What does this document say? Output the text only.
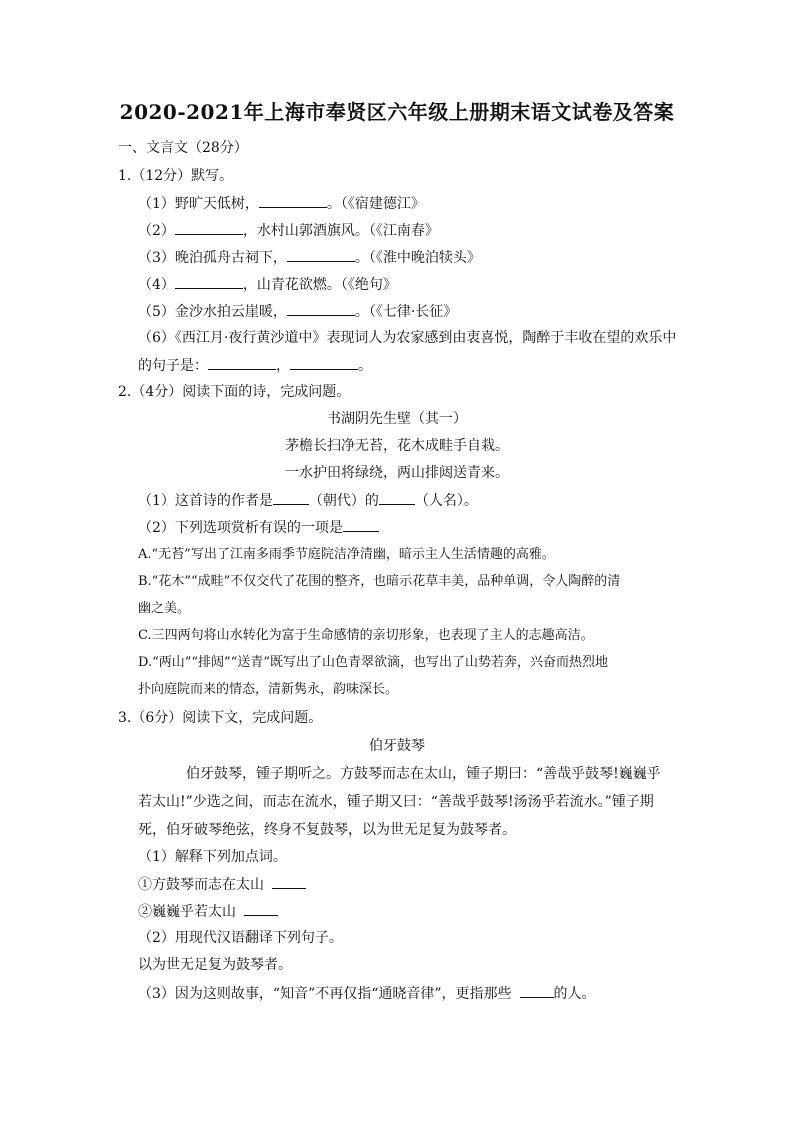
2020-2021年上海市奉贤区六年级上册期末语文试卷及答案
一、文言文（28分）
1.（12分）默写。
（1）野旷天低树，	。（《宿建德江》
（2）	，水村山郭酒旗风。（《江南春》
（3）晚泊孤舟古祠下，	。（《淮中晚泊犊头》
（4）	，山青花欲燃。（《绝句》
（5）金沙水拍云崖暖，	。（《七律·长征》
（6）《西江月·夜行黄沙道中》表现词人为农家感到由衷喜悦，陶醉于丰收在望的欢乐中
的句子是：	，	。
2.（4分）阅读下面的诗，完成问题。
书湖阴先生壁（其一）
茅檐长扫净无苔，花木成畦手自栽。
一水护田将绿绕，两山排闼送青来。
（1）这首诗的作者是	（朝代）的	（人名）。
（2）下列选项赏析有误的一项是
A.“无苔”写出了江南多雨季节庭院洁净清幽，暗示主人生活情趣的高雅。
B.“花木”“成畦”不仅交代了花围的整齐，也暗示花草丰美，品种单调，令人陶醉的清
幽之美。
C.三四两句将山水转化为富于生命感情的亲切形象，也表现了主人的志趣高洁。
D.“两山”“排闼”“送青”既写出了山色青翠欲滴，也写出了山势若奔，兴奋而热烈地
扑向庭院而来的情态，清新隽永，韵味深长。
3.（6分）阅读下文，完成问题。
伯牙鼓琴
伯牙鼓琴，锺子期听之。方鼓琴而志在太山，锺子期曰：“善哉乎鼓琴!巍巍乎
若太山!”少选之间，而志在流水，锺子期又曰：“善哉乎鼓琴!汤汤乎若流水。”锺子期
死，伯牙破琴绝弦，终身不复鼓琴，以为世无足复为鼓琴者。
（1）解释下列加点词。
①方鼓琴而志在太山
②巍巍乎若太山
（2）用现代汉语翻译下列句子。
以为世无足复为鼓琴者。
（3）因为这则故事，“知音”不再仅指“通晓音律”，更指那些	的人。
